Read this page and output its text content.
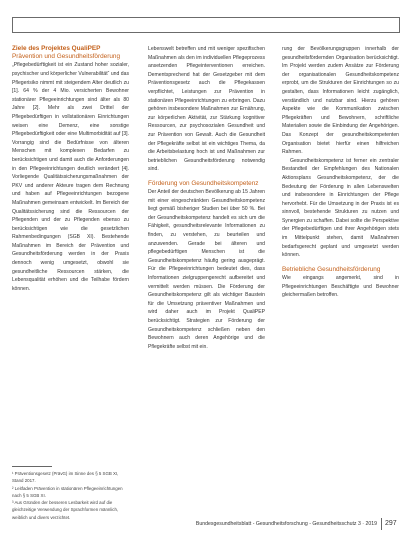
Ziele des Projektes QualiPEP
Prävention und Gesundheitsförderung

„Pflegebedürftigkeit ist ein Zustand hoher sozialer, psychischer und körperlicher Vulnerabilität“ und das Pflegerisiko nimmt mit steigendem Alter deutlich zu [1]. 64 % der 4 Mio. versicherten Bewohner stationärer Pflegeeinrichtungen sind älter als 80 Jahre [2]. Mehr als zwei Drittel der Pflegebedürftigen in vollstationären Einrichtungen weisen eine Demenz, eine sonstige Pflegebedürftigkeit oder eine Multimorbidität auf [3]. Vorrangig sind die Bedürfnisse von älteren Menschen mit komplexen Bedarfen zu berücksichtigen und damit auch die Anforderungen in den Pflegeeinrichtungen deutlich verändert [4]. Vorliegende Qualitätssicherungsmaßnahmen der PKV und anderer Akteure tragen dem Rechnung und haben auf Pflegeeinrichtungen bezogene Maßnahmen gemeinsam entwickelt. Im Bereich der Qualitätssicherung sind die Ressourcen der Pflegenden und der zu Pflegenden ebenso zu berücksichtigen wie die gesetzlichen Rahmenbedingungen (SGB XI). Bestehende Maßnahmen im Bereich der Prävention und Gesundheitsförderung werden in der Praxis dennoch wenig umgesetzt, obwohl sie gesundheitliche Ressourcen stärken, die Lebensqualität erhöhen und die Teilhabe fördern können.

¹ Präventionsgesetz (PrävG) im Sinne des § 5 SGB XI, Stand 2017.
² Leitfaden Prävention in stationären Pflegeeinrichtungen nach § 5 SGB XI.
³ Aus Gründen der besseren Lesbarkeit wird auf die gleichzeitige Verwendung der Sprachformen männlich, weiblich und divers verzichtet.

Lebenswelt betreffen und mit weniger spezifischen Maßnahmen als den im individuellen Pflegeprozess ansetzenden Pflegeinterventionen erreichen. Dementsprechend hat der Gesetzgeber mit dem Präventionsgesetz auch die Pflegekassen verpflichtet, Leistungen zur Prävention in stationären Pflegeeinrichtungen zu erbringen. Dazu gehören insbesondere Maßnahmen zur Ernährung, zur körperlichen Aktivität, zur Stärkung kognitiver Ressourcen, zur psychosozialen Gesundheit und zur Prävention von Gewalt. Auch die Gesundheit der Pflegekräfte selbst ist ein wichtiges Thema, da die Arbeitsbelastung hoch ist und Maßnahmen zur betrieblichen Gesundheitsförderung notwendig sind.

Förderung von Gesundheitskompetenz

Der Anteil der deutschen Bevölkerung ab 15 Jahren mit einer eingeschränkten Gesundheitskompetenz liegt gemäß bisheriger Studien bei über 50 %. Bei der Gesundheitskompetenz handelt es sich um die Fähigkeit, gesundheitsrelevante Informationen zu finden, zu verstehen, zu beurteilen und anzuwenden. Gerade bei älteren und pflegebedürftigen Menschen ist die Gesundheitskompetenz häufig gering ausgeprägt. Für die Pflegeeinrichtungen bedeutet dies, dass Informationen zielgruppengerecht aufbereitet und vermittelt werden müssen. Die Förderung der Gesundheitskompetenz gilt als wichtiger Baustein für die Umsetzung präventiver Maßnahmen und wird daher auch im Projekt QualiPEP berücksichtigt. Strategien zur Förderung der Gesundheitskompetenz schließen neben den Bewohnern auch deren Angehörige und die Pflegekräfte selbst mit ein.

rung der Bevölkerungsgruppen innerhalb der gesundheitsfördernden Organisation berücksichtigt. Im Projekt werden zudem Ansätze zur Förderung der organisationalen Gesundheitskompetenz erprobt, um die Strukturen der Einrichtungen so zu gestalten, dass Informationen leicht zugänglich, verständlich und nutzbar sind. Hierzu gehören Aspekte wie die Kommunikation zwischen Pflegekräften und Bewohnern, schriftliche Materialien sowie die Einbindung der Angehörigen. Das Konzept der gesundheitskompetenten Organisation bietet hierfür einen hilfreichen Rahmen.

Gesundheitskompetenz ist ferner ein zentraler Bestandteil der Empfehlungen des Nationalen Aktionsplans Gesundheitskompetenz, der die Bedeutung der Förderung in allen Lebenswelten und insbesondere in Einrichtungen der Pflege hervorhebt. Für die Umsetzung in der Praxis ist es sinnvoll, bestehende Strukturen zu nutzen und Synergien zu schaffen. Dabei sollte die Perspektive der Pflegebedürftigen und ihrer Angehörigen stets im Mittelpunkt stehen, damit Maßnahmen bedarfsgerecht geplant und umgesetzt werden können.

Betriebliche Gesundheitsförderung

Wie eingangs angemerkt, sind in Pflegeeinrichtungen Beschäftigte und Bewohner gleichermaßen betroffen.

Bundesgesundheitsblatt - Gesundheitsforschung - Gesundheitsschutz 3 · 2019	297
